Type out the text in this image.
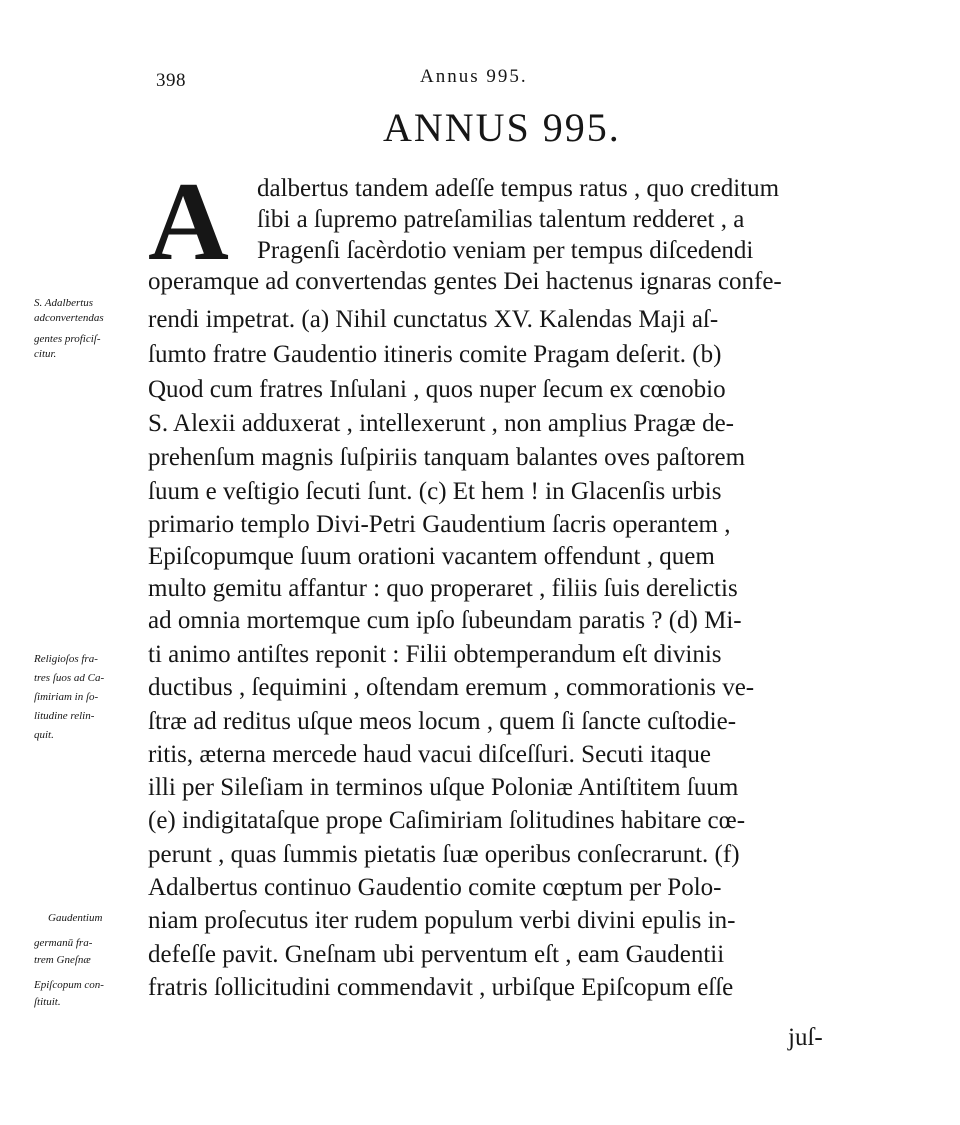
398	Annus 995.
ANNUS 995.
A dalbertus tandem adeſſe tempus ratus , quo creditum
ſibi a ſupremo patreſamilias talentum redderet , a
Pragenſi ſacèrdotio veniam per tempus diſcedendi
operamque ad convertendas gentes Dei hactenus ignaras confe-
rendi impetrat. (a) Nihil cunctatus XV. Kalendas Maji aſ-
ſumto fratre Gaudentio itineris comite Pragam deſerit. (b)
Quod cum fratres Inſulani , quos nuper ſecum ex cœnobio
S. Alexii adduxerat , intellexerunt , non amplius Pragæ de-
prehenſum magnis ſuſpiriis tanquam balantes oves paſtorem
ſuum e veſtigio ſecuti ſunt. (c) Et hem ! in Glacenſis urbis
primario templo Divi-Petri Gaudentium ſacris operantem ,
Epiſcopumque ſuum orationi vacantem offendunt , quem
multo gemitu affantur : quo properaret , filiis ſuis derelictis
ad omnia mortemque cum ipſo ſubeundam paratis ? (d) Mi-
ti animo antiſtes reponit : Filii obtemperandum eſt divinis
ductibus , ſequimini , oſtendam eremum , commorationis ve-
ſtræ ad reditus uſque meos locum , quem ſi ſancte cuſtodie-
ritis, æterna mercede haud vacui diſceſſuri. Secuti itaque
illi per Sileſiam in terminos uſque Poloniæ Antiſtitem ſuum
(e) indigitataſque prope Caſimiriam ſolitudines habitare cœ-
perunt , quas ſummis pietatis ſuæ operibus conſecrarunt. (f)
Adalbertus continuo Gaudentio comite cœptum per Polo-
niam proſecutus iter rudem populum verbi divini epulis in-
defeſſe pavit. Gneſnam ubi perventum eſt , eam Gaudentii
fratris ſollicitudini commendavit , urbiſque Epiſcopum eſſe
juſ-
S. Adalbertus
adconvertendas
gentes proficiſ-
citur.
Religioſos fra-
tres ſuos ad Ca-
ſimiriam in ſo-
litudine relin-
quit.
Gaudentium
germanū fra-
trem Gneſnæ
Epiſcopum con-
ſtituit.
